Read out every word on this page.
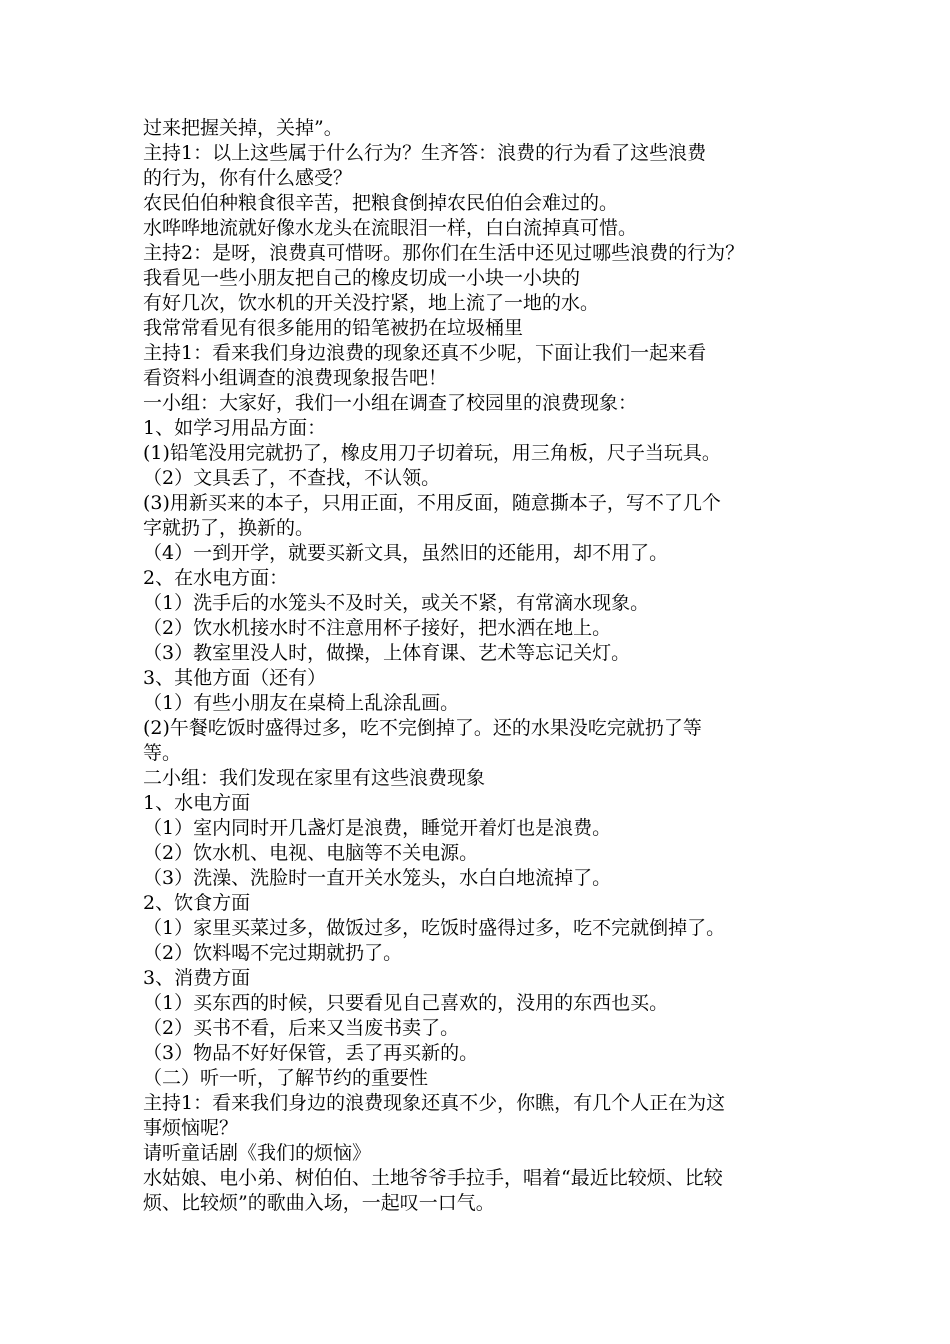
过来把握关掉，关掉”。
主持1：以上这些属于什么行为？生齐答：浪费的行为看了这些浪费
的行为，你有什么感受？
农民伯伯种粮食很辛苦，把粮食倒掉农民伯伯会难过的。
水哗哗地流就好像水龙头在流眼泪一样，白白流掉真可惜。
主持2：是呀，浪费真可惜呀。那你们在生活中还见过哪些浪费的行为？
我看见一些小朋友把自己的橡皮切成一小块一小块的
有好几次，饮水机的开关没拧紧，地上流了一地的水。
我常常看见有很多能用的铅笔被扔在垃圾桶里
主持1：看来我们身边浪费的现象还真不少呢，下面让我们一起来看
看资料小组调查的浪费现象报告吧！
一小组：大家好，我们一小组在调查了校园里的浪费现象：
1、如学习用品方面：
(1)铅笔没用完就扔了，橡皮用刀子切着玩，用三角板，尺子当玩具。
（2）文具丢了，不查找，不认领。
(3)用新买来的本子，只用正面，不用反面，随意撕本子，写不了几个
字就扔了，换新的。
（4）一到开学，就要买新文具，虽然旧的还能用，却不用了。
2、在水电方面：
（1）洗手后的水笼头不及时关，或关不紧，有常滴水现象。
（2）饮水机接水时不注意用杯子接好，把水洒在地上。
（3）教室里没人时，做操，上体育课、艺术等忘记关灯。
3、其他方面（还有）
（1）有些小朋友在桌椅上乱涂乱画。
(2)午餐吃饭时盛得过多，吃不完倒掉了。还的水果没吃完就扔了等
等。
二小组：我们发现在家里有这些浪费现象
1、水电方面
（1）室内同时开几盏灯是浪费，睡觉开着灯也是浪费。
（2）饮水机、电视、电脑等不关电源。
（3）洗澡、洗脸时一直开关水笼头，水白白地流掉了。
2、饮食方面
（1）家里买菜过多，做饭过多，吃饭时盛得过多，吃不完就倒掉了。
（2）饮料喝不完过期就扔了。
3、消费方面
（1）买东西的时候，只要看见自己喜欢的，没用的东西也买。
（2）买书不看，后来又当废书卖了。
（3）物品不好好保管，丢了再买新的。
（二）听一听，了解节约的重要性
主持1：看来我们身边的浪费现象还真不少，你瞧，有几个人正在为这
事烦恼呢？
请听童话剧《我们的烦恼》
水姑娘、电小弟、树伯伯、土地爷爷手拉手，唱着“最近比较烦、比较
烦、比较烦”的歌曲入场，一起叹一口气。
